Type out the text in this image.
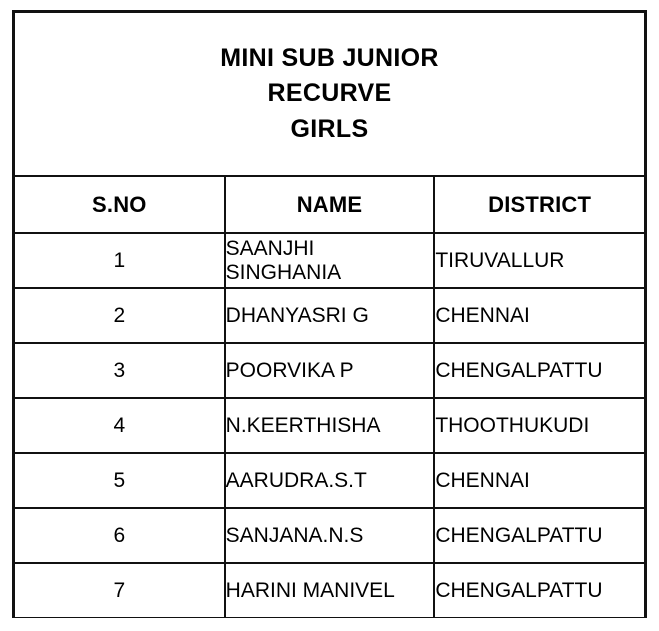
MINI SUB JUNIOR
RECURVE
GIRLS		

S.NO	NAME	DISTRICT
1	SAANJHI SINGHANIA	TIRUVALLUR
2	DHANYASRI G	CHENNAI
3	POORVIKA P	CHENGALPATTU
4	N.KEERTHISHA	THOOTHUKUDI
5	AARUDRA.S.T	CHENNAI
6	SANJANA.N.S	CHENGALPATTU
7	HARINI MANIVEL	CHENGALPATTU
